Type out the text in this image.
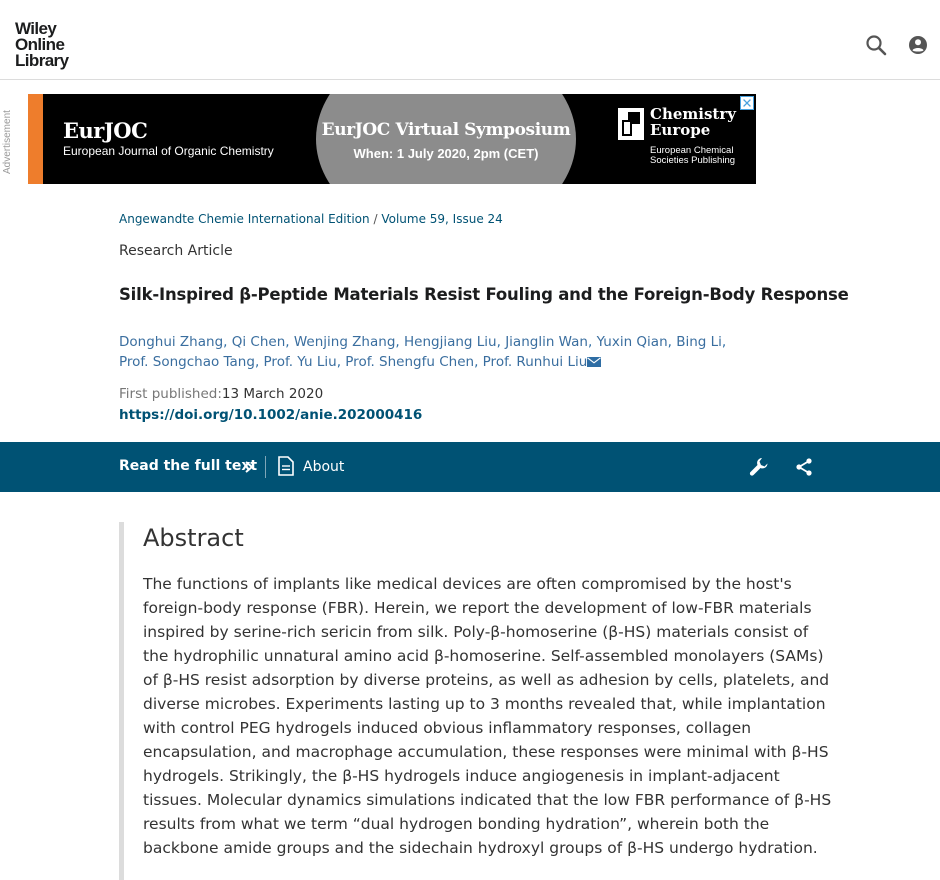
Wiley
Online
Library
Advertisement	EurJOC
European Journal of Organic Chemistry
EurJOC Virtual Symposium
When: 1 July 2020, 2pm (CET)
Chemistry
Europe
European Chemical
Societies Publishing
Angewandte Chemie International Edition / Volume 59, Issue 24
Research Article
Silk-Inspired β-Peptide Materials Resist Fouling and the Foreign-Body Response
Donghui Zhang, Qi Chen, Wenjing Zhang, Hengjiang Liu, Jianglin Wan, Yuxin Qian, Bing Li,
Prof. Songchao Tang, Prof. Yu Liu, Prof. Shengfu Chen, Prof. Runhui Liu
First published:13 March 2020
https://doi.org/10.1002/anie.202000416
Read the full text	About
Abstract

The functions of implants like medical devices are often compromised by the host's foreign-body response (FBR). Herein, we report the development of low-FBR materials inspired by serine-rich sericin from silk. Poly-β-homoserine (β-HS) materials consist of the hydrophilic unnatural amino acid β-homoserine. Self-assembled monolayers (SAMs) of β-HS resist adsorption by diverse proteins, as well as adhesion by cells, platelets, and diverse microbes. Experiments lasting up to 3 months revealed that, while implantation with control PEG hydrogels induced obvious inflammatory responses, collagen encapsulation, and macrophage accumulation, these responses were minimal with β-HS hydrogels. Strikingly, the β-HS hydrogels induce angiogenesis in implant-adjacent tissues. Molecular dynamics simulations indicated that the low FBR performance of β-HS results from what we term “dual hydrogen bonding hydration”, wherein both the backbone amide groups and the sidechain hydroxyl groups of β-HS undergo hydration.
